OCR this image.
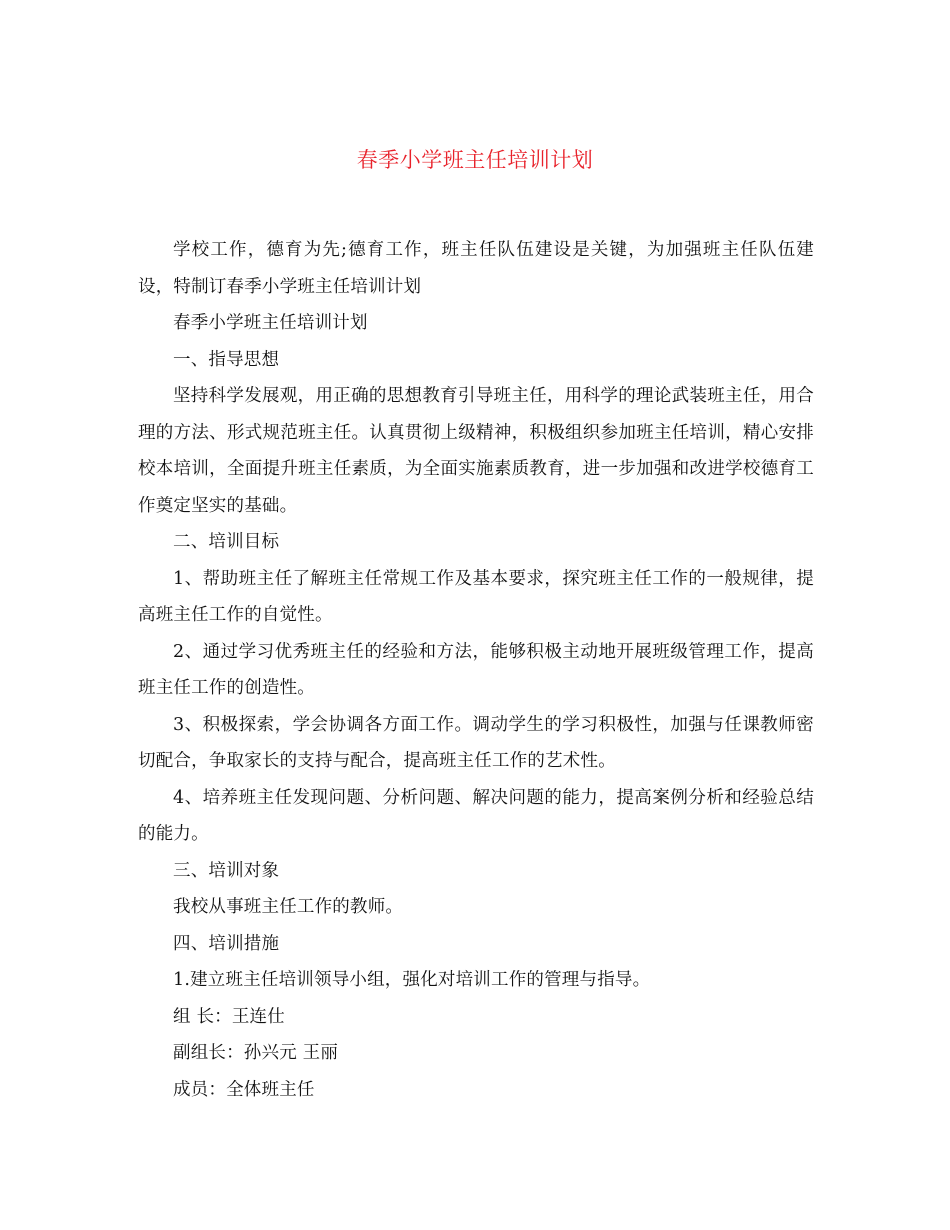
春季小学班主任培训计划

学校工作，德育为先;德育工作，班主任队伍建设是关键，为加强班主任队伍建设，特制订春季小学班主任培训计划

春季小学班主任培训计划

一、指导思想

坚持科学发展观，用正确的思想教育引导班主任，用科学的理论武装班主任，用合理的方法、形式规范班主任。认真贯彻上级精神，积极组织参加班主任培训，精心安排校本培训，全面提升班主任素质，为全面实施素质教育，进一步加强和改进学校德育工作奠定坚实的基础。

二、培训目标

1、帮助班主任了解班主任常规工作及基本要求，探究班主任工作的一般规律，提高班主任工作的自觉性。

2、通过学习优秀班主任的经验和方法，能够积极主动地开展班级管理工作，提高班主任工作的创造性。

3、积极探索，学会协调各方面工作。调动学生的学习积极性，加强与任课教师密切配合，争取家长的支持与配合，提高班主任工作的艺术性。

4、培养班主任发现问题、分析问题、解决问题的能力，提高案例分析和经验总结的能力。

三、培训对象

我校从事班主任工作的教师。

四、培训措施

1.建立班主任培训领导小组，强化对培训工作的管理与指导。

组 长：王连仕

副组长：孙兴元 王丽

成员：全体班主任
